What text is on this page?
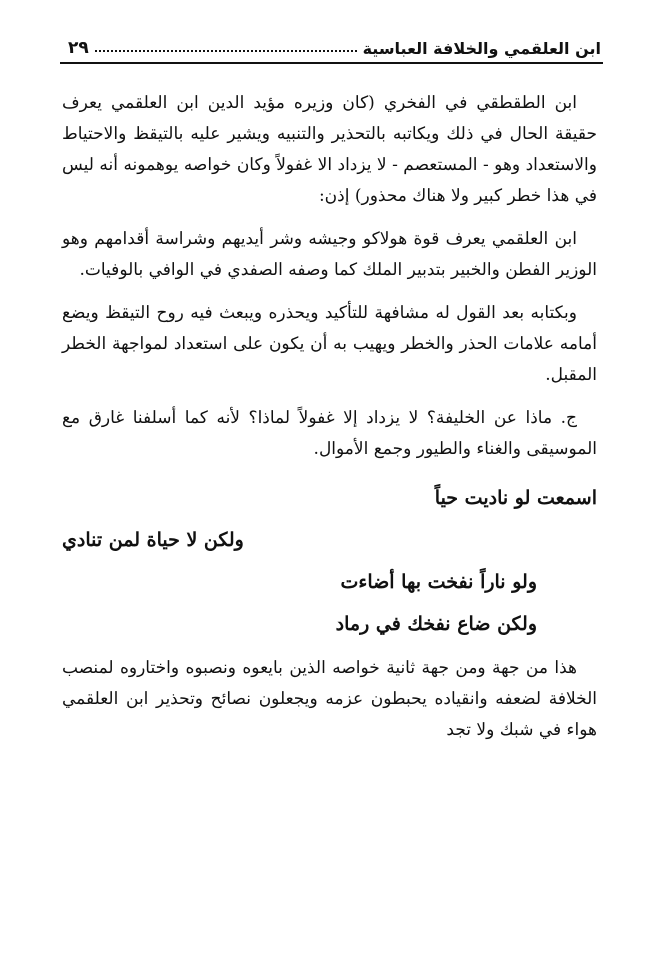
ابن العلقمي والخلافة العباسية
٢٩

ابن الطقطقي في الفخري (كان وزيره مؤيد الدين ابن العلقمي يعرف حقيقة الحال في ذلك ويكاتبه بالتحذير والتنبيه ويشير عليه بالتيقظ والاحتياط والاستعداد وهو - المستعصم - لا يزداد الا غفولاً وكان خواصه يوهمونه أنه ليس في هذا خطر كبير ولا هناك محذور) إذن:

ابن العلقمي يعرف قوة هولاكو وجيشه وشر أيديهم وشراسة أقدامهم وهو الوزير الفطن والخبير بتدبير الملك كما وصفه الصفدي في الوافي بالوفيات.

وبكتابه بعد القول له مشافهة للتأكيد ويحذره ويبعث فيه روح التيقظ ويضع أمامه علامات الحذر والخطر ويهيب به أن يكون على استعداد لمواجهة الخطر المقبل.

ج. ماذا عن الخليفة؟ لا يزداد إلا غفولاً لماذا؟ لأنه كما أسلفنا غارق مع الموسيقى والغناء والطيور وجمع الأموال.

اسمعت لو ناديت حياً
ولكن لا حياة لمن تنادي
ولو ناراً نفخت بها أضاءت
ولكن ضاع نفخك في رماد

هذا من جهة ومن جهة ثانية خواصه الذين بايعوه ونصبوه واختاروه لمنصب الخلافة لضعفه وانقياده يحبطون عزمه ويجعلون نصائح وتحذير ابن العلقمي هواء في شبك ولا تجد
